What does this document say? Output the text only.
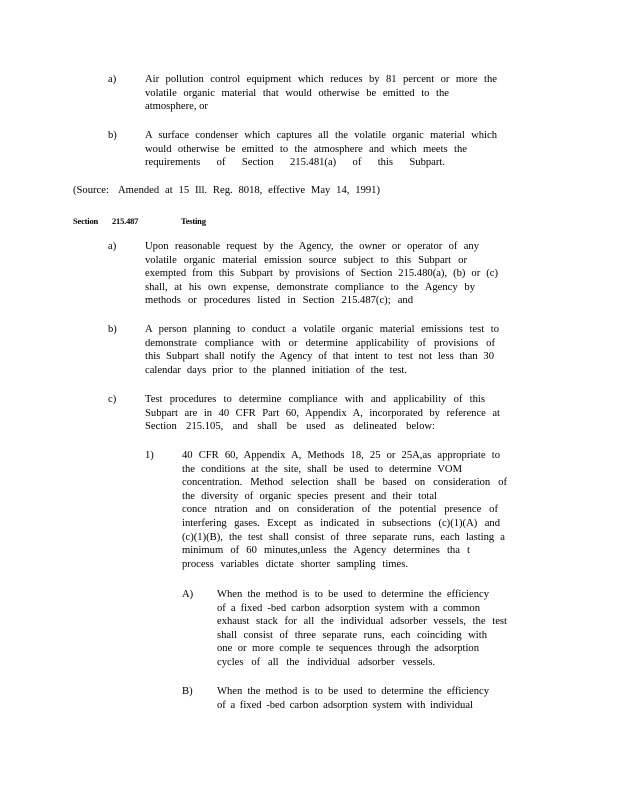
a)	Air pollution control equipment which reduces by 81 percent or more the
volatile organic material that would otherwise be emitted to the
atmosphere, or
b)	A surface condenser which captures all the volatile organic material which
would otherwise be emitted to the atmosphere and which meets the
requirements of Section 215.481(a) of this Subpart.
(Source: Amended at 15 Ill. Reg. 8018, effective May 14, 1991)
Section 215.487	Testing
a)	Upon reasonable request by the Agency, the owner or operator of any
volatile organic material emission source subject to this Subpart or
exempted from this Subpart by provisions of Section 215.480(a), (b) or (c)
shall, at his own expense, demonstrate compliance to the Agency by
methods or procedures listed in Section 215.487(c); and
b)	A person planning to conduct a volatile organic material emissions test to
demonstrate compliance with or determine applicability of provisions of
this Subpart shall notify the Agency of that intent to test not less than 30
calendar days prior to the planned initiation of the test.
c)	Test procedures to determine compliance with and applicability of this
Subpart are in 40 CFR Part 60, Appendix A, incorporated by reference at
Section 215.105, and shall be used as delineated below:
1)	40 CFR 60, Appendix A, Methods 18, 25 or 25A,as appropriate to
the conditions at the site, shall be used to determine VOM
concentration. Method selection shall be based on consideration of
the diversity of organic species present and their total
conce ntration and on consideration of the potential presence of
interfering gases. Except as indicated in subsections (c)(1)(A) and
(c)(1)(B), the test shall consist of three separate runs, each lasting a
minimum of 60 minutes,unless the Agency determines tha t
process variables dictate shorter sampling times.
A) When the method is to be used to determine the efficiency
of a fixed -bed carbon adsorption system with a common
exhaust stack for all the individual adsorber vessels, the test
shall consist of three separate runs, each coinciding with
one or more comple te sequences through the adsorption
cycles of all the individual adsorber vessels.
B) When the method is to be used to determine the efficiency
of a fixed -bed carbon adsorption system with individual
